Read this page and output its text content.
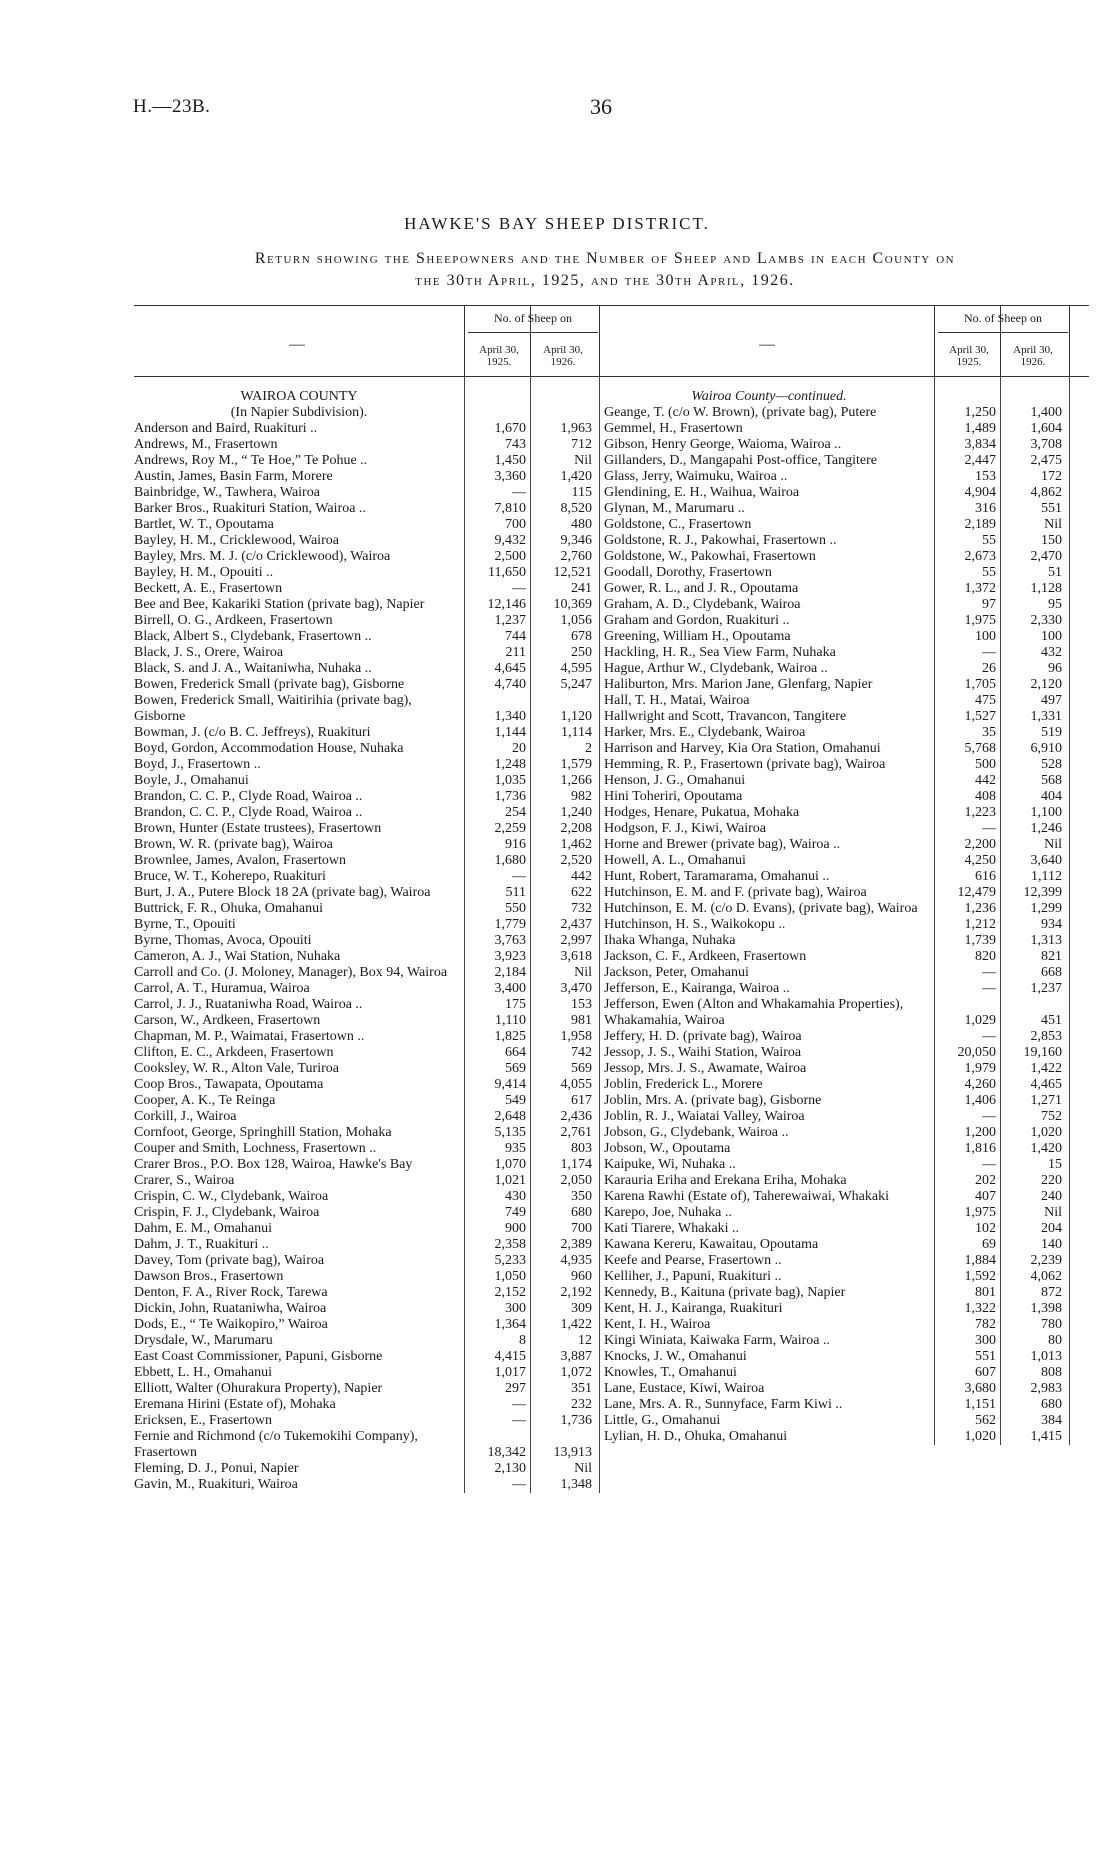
H.—23B.	36
HAWKE'S BAY SHEEP DISTRICT.
Return showing the Sheepowners and the Number of Sheep and Lambs in each County on
the 30th April, 1925, and the 30th April, 1926.
—
No. of Sheep on
April 30, 1925.
April 30, 1926.
WAIROA COUNTY
(In Napier Subdivision).
Anderson and Baird, Ruakituri ..	1,670	1,963
Andrews, M., Frasertown	743	712
Andrews, Roy M., “ Te Hoe,” Te Pohue ..	1,450	Nil
Austin, James, Basin Farm, Morere	3,360	1,420
Bainbridge, W., Tawhera, Wairoa	—	115
Barker Bros., Ruakituri Station, Wairoa ..	7,810	8,520
Bartlet, W. T., Opoutama	700	480
Bayley, H. M., Cricklewood, Wairoa	9,432	9,346
Bayley, Mrs. M. J. (c/o Cricklewood), Wairoa	2,500	2,760
Bayley, H. M., Opouiti ..	11,650	12,521
Beckett, A. E., Frasertown	—	241
Bee and Bee, Kakariki Station (private bag), Napier	12,146	10,369
Birrell, O. G., Ardkeen, Frasertown	1,237	1,056
Black, Albert S., Clydebank, Frasertown ..	744	678
Black, J. S., Orere, Wairoa	211	250
Black, S. and J. A., Waitaniwha, Nuhaka ..	4,645	4,595
Bowen, Frederick Small (private bag), Gisborne	4,740	5,247
Bowen, Frederick Small, Waitirihia (private bag), Gisborne	1,340	1,120
Bowman, J. (c/o B. C. Jeffreys), Ruakituri	1,144	1,114
Boyd, Gordon, Accommodation House, Nuhaka	20	2
Boyd, J., Frasertown ..	1,248	1,579
Boyle, J., Omahanui	1,035	1,266
Brandon, C. C. P., Clyde Road, Wairoa ..	1,736	982
Brandon, C. C. P., Clyde Road, Wairoa ..	254	1,240
Brown, Hunter (Estate trustees), Frasertown	2,259	2,208
Brown, W. R. (private bag), Wairoa	916	1,462
Brownlee, James, Avalon, Frasertown	1,680	2,520
Bruce, W. T., Koherepo, Ruakituri	—	442
Burt, J. A., Putere Block 18 2A (private bag), Wairoa	511	622
Buttrick, F. R., Ohuka, Omahanui	550	732
Byrne, T., Opouiti	1,779	2,437
Byrne, Thomas, Avoca, Opouiti	3,763	2,997
Cameron, A. J., Wai Station, Nuhaka	3,923	3,618
Carroll and Co. (J. Moloney, Manager), Box 94, Wairoa	2,184	Nil
Carrol, A. T., Huramua, Wairoa	3,400	3,470
Carrol, J. J., Ruataniwha Road, Wairoa ..	175	153
Carson, W., Ardkeen, Frasertown	1,110	981
Chapman, M. P., Waimatai, Frasertown ..	1,825	1,958
Clifton, E. C., Arkdeen, Frasertown	664	742
Cooksley, W. R., Alton Vale, Turiroa	569	569
Coop Bros., Tawapata, Opoutama	9,414	4,055
Cooper, A. K., Te Reinga	549	617
Corkill, J., Wairoa	2,648	2,436
Cornfoot, George, Springhill Station, Mohaka	5,135	2,761
Couper and Smith, Lochness, Frasertown ..	935	803
Crarer Bros., P.O. Box 128, Wairoa, Hawke's Bay	1,070	1,174
Crarer, S., Wairoa	1,021	2,050
Crispin, C. W., Clydebank, Wairoa	430	350
Crispin, F. J., Clydebank, Wairoa	749	680
Dahm, E. M., Omahanui	900	700
Dahm, J. T., Ruakituri ..	2,358	2,389
Davey, Tom (private bag), Wairoa	5,233	4,935
Dawson Bros., Frasertown	1,050	960
Denton, F. A., River Rock, Tarewa	2,152	2,192
Dickin, John, Ruataniwha, Wairoa	300	309
Dods, E., “ Te Waikopiro,” Wairoa	1,364	1,422
Drysdale, W., Marumaru	8	12
East Coast Commissioner, Papuni, Gisborne	4,415	3,887
Ebbett, L. H., Omahanui	1,017	1,072
Elliott, Walter (Ohurakura Property), Napier	297	351
Eremana Hirini (Estate of), Mohaka	—	232
Ericksen, E., Frasertown	—	1,736
Fernie and Richmond (c/o Tukemokihi Company), Frasertown	18,342	13,913
Fleming, D. J., Ponui, Napier	2,130	Nil
Gavin, M., Ruakituri, Wairoa	—	1,348
—
No. of Sheep on
April 30, 1925.
April 30, 1926.
Wairoa County—continued.
Geange, T. (c/o W. Brown), (private bag), Putere	1,250	1,400
Gemmel, H., Frasertown	1,489	1,604
Gibson, Henry George, Waioma, Wairoa ..	3,834	3,708
Gillanders, D., Mangapahi Post-office, Tangitere	2,447	2,475
Glass, Jerry, Waimuku, Wairoa ..	153	172
Glendining, E. H., Waihua, Wairoa	4,904	4,862
Glynan, M., Marumaru ..	316	551
Goldstone, C., Frasertown	2,189	Nil
Goldstone, R. J., Pakowhai, Frasertown ..	55	150
Goldstone, W., Pakowhai, Frasertown	2,673	2,470
Goodall, Dorothy, Frasertown	55	51
Gower, R. L., and J. R., Opoutama	1,372	1,128
Graham, A. D., Clydebank, Wairoa	97	95
Graham and Gordon, Ruakituri ..	1,975	2,330
Greening, William H., Opoutama	100	100
Hackling, H. R., Sea View Farm, Nuhaka	—	432
Hague, Arthur W., Clydebank, Wairoa ..	26	96
Haliburton, Mrs. Marion Jane, Glenfarg, Napier	1,705	2,120
Hall, T. H., Matai, Wairoa	475	497
Hallwright and Scott, Travancon, Tangitere	1,527	1,331
Harker, Mrs. E., Clydebank, Wairoa	35	519
Harrison and Harvey, Kia Ora Station, Omahanui	5,768	6,910
Hemming, R. P., Frasertown (private bag), Wairoa	500	528
Henson, J. G., Omahanui	442	568
Hini Toheriri, Opoutama	408	404
Hodges, Henare, Pukatua, Mohaka	1,223	1,100
Hodgson, F. J., Kiwi, Wairoa	—	1,246
Horne and Brewer (private bag), Wairoa ..	2,200	Nil
Howell, A. L., Omahanui	4,250	3,640
Hunt, Robert, Taramarama, Omahanui ..	616	1,112
Hutchinson, E. M. and F. (private bag), Wairoa	12,479	12,399
Hutchinson, E. M. (c/o D. Evans), (private bag), Wairoa	1,236	1,299
Hutchinson, H. S., Waikokopu ..	1,212	934
Ihaka Whanga, Nuhaka	1,739	1,313
Jackson, C. F., Ardkeen, Frasertown	820	821
Jackson, Peter, Omahanui	—	668
Jefferson, E., Kairanga, Wairoa ..	—	1,237
Jefferson, Ewen (Alton and Whakamahia Properties), Whakamahia, Wairoa	1,029	451
Jeffery, H. D. (private bag), Wairoa	—	2,853
Jessop, J. S., Waihi Station, Wairoa	20,050	19,160
Jessop, Mrs. J. S., Awamate, Wairoa	1,979	1,422
Joblin, Frederick L., Morere	4,260	4,465
Joblin, Mrs. A. (private bag), Gisborne	1,406	1,271
Joblin, R. J., Waiatai Valley, Wairoa	—	752
Jobson, G., Clydebank, Wairoa ..	1,200	1,020
Jobson, W., Opoutama	1,816	1,420
Kaipuke, Wi, Nuhaka ..	—	15
Karauria Eriha and Erekana Eriha, Mohaka	202	220
Karena Rawhi (Estate of), Taherewaiwai, Whakaki	407	240
Karepo, Joe, Nuhaka ..	1,975	Nil
Kati Tiarere, Whakaki ..	102	204
Kawana Kereru, Kawaitau, Opoutama	69	140
Keefe and Pearse, Frasertown ..	1,884	2,239
Kelliher, J., Papuni, Ruakituri ..	1,592	4,062
Kennedy, B., Kaituna (private bag), Napier	801	872
Kent, H. J., Kairanga, Ruakituri	1,322	1,398
Kent, I. H., Wairoa	782	780
Kingi Winiata, Kaiwaka Farm, Wairoa ..	300	80
Knocks, J. W., Omahanui	551	1,013
Knowles, T., Omahanui	607	808
Lane, Eustace, Kiwi, Wairoa	3,680	2,983
Lane, Mrs. A. R., Sunnyface, Farm Kiwi ..	1,151	680
Little, G., Omahanui	562	384
Lylian, H. D., Ohuka, Omahanui	1,020	1,415
